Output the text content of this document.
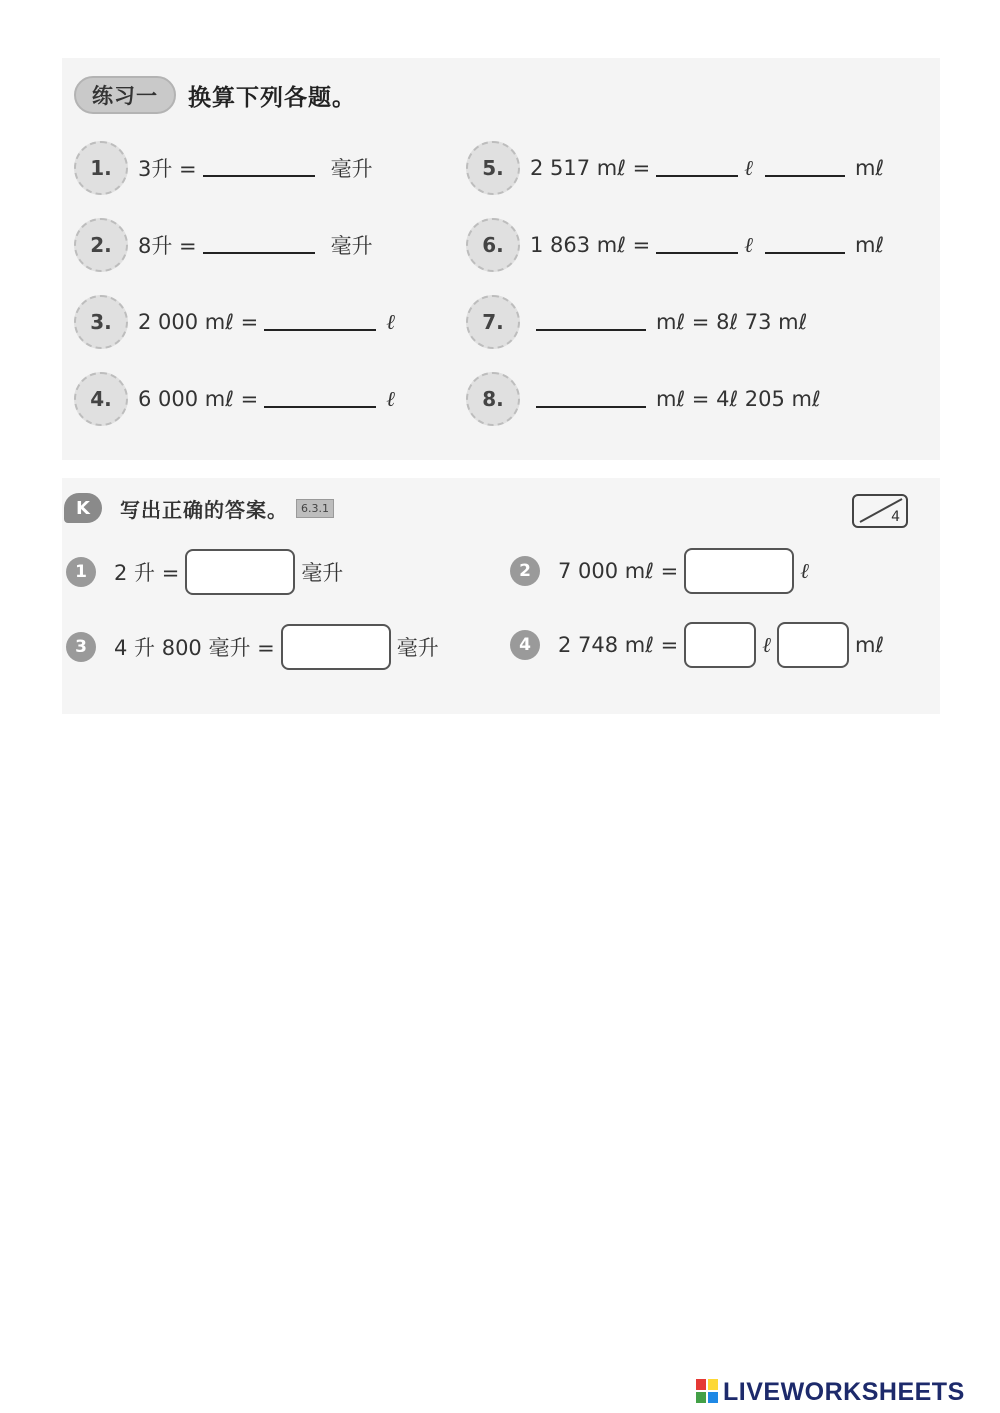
练习一	换算下列各题。
1.	3升 =	毫升
2.	8升 =	毫升
3.	2 000 mℓ =	ℓ
4.	6 000 mℓ =	ℓ
5.	2 517 mℓ =	ℓ	mℓ
6.	1 863 mℓ =	ℓ	mℓ
7.	mℓ = 8ℓ 73 mℓ
8.	mℓ = 4ℓ 205 mℓ
K	写出正确的答案。	6.3.1
4
1	2 升 =	毫升
3	4 升 800 毫升 =	毫升
2	7 000 mℓ =	ℓ
4	2 748 mℓ =	ℓ	mℓ
LIVEWORKSHEETS
